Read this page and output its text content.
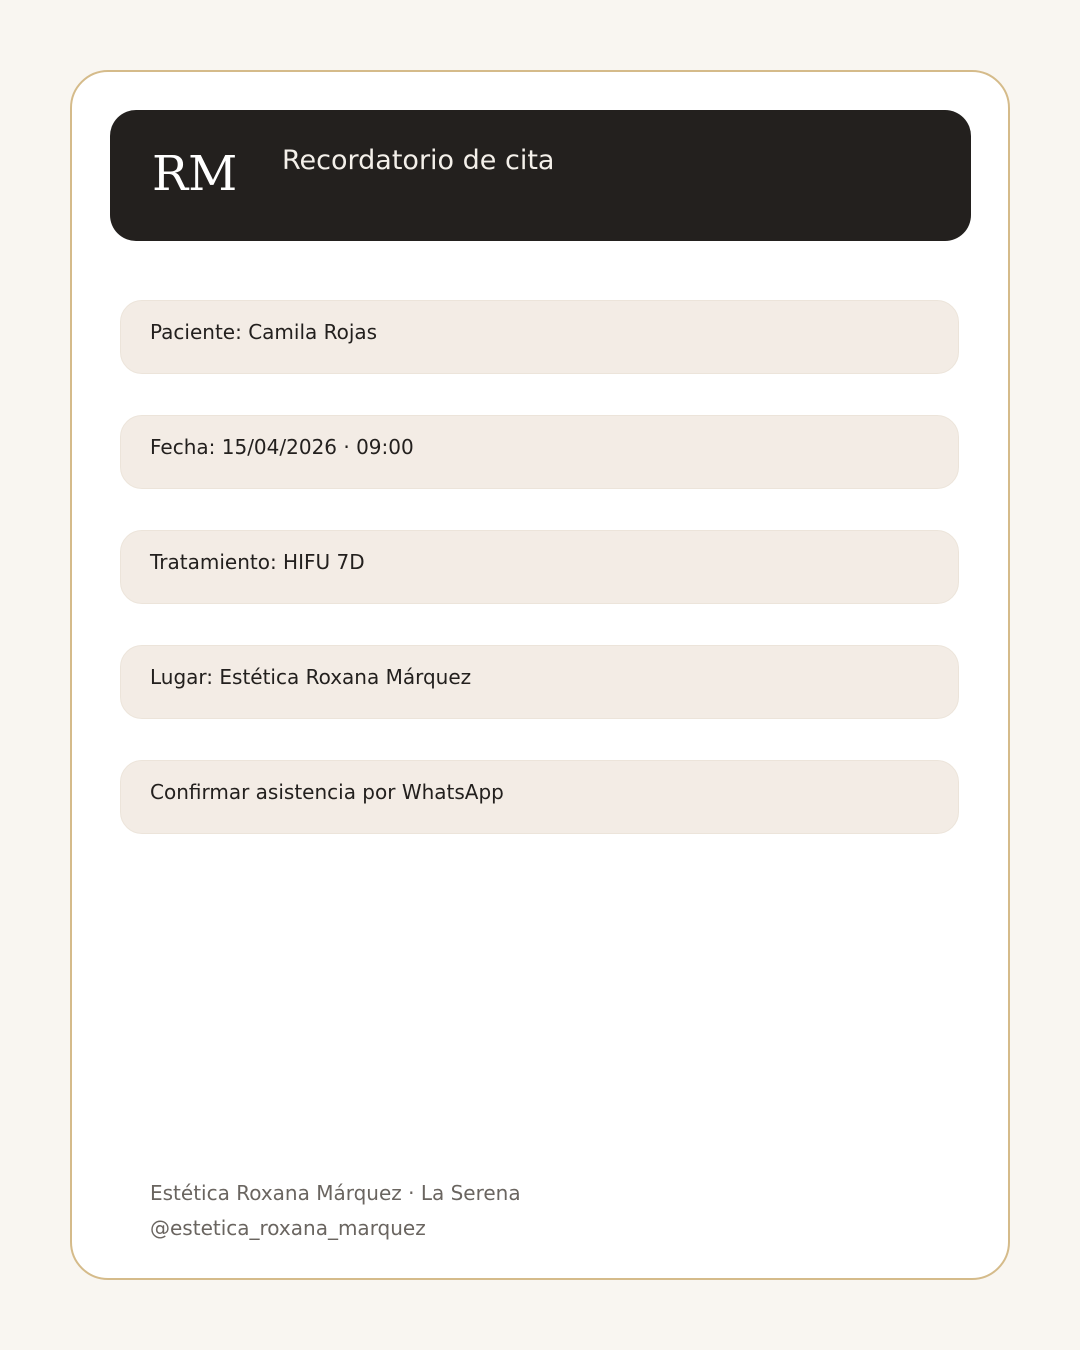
RM Recordatorio de cita
Paciente: Camila Rojas
Fecha: 15/04/2026 · 09:00
Tratamiento: HIFU 7D
Lugar: Estética Roxana Márquez
Confirmar asistencia por WhatsApp
Estética Roxana Márquez · La Serena
@estetica_roxana_marquez
